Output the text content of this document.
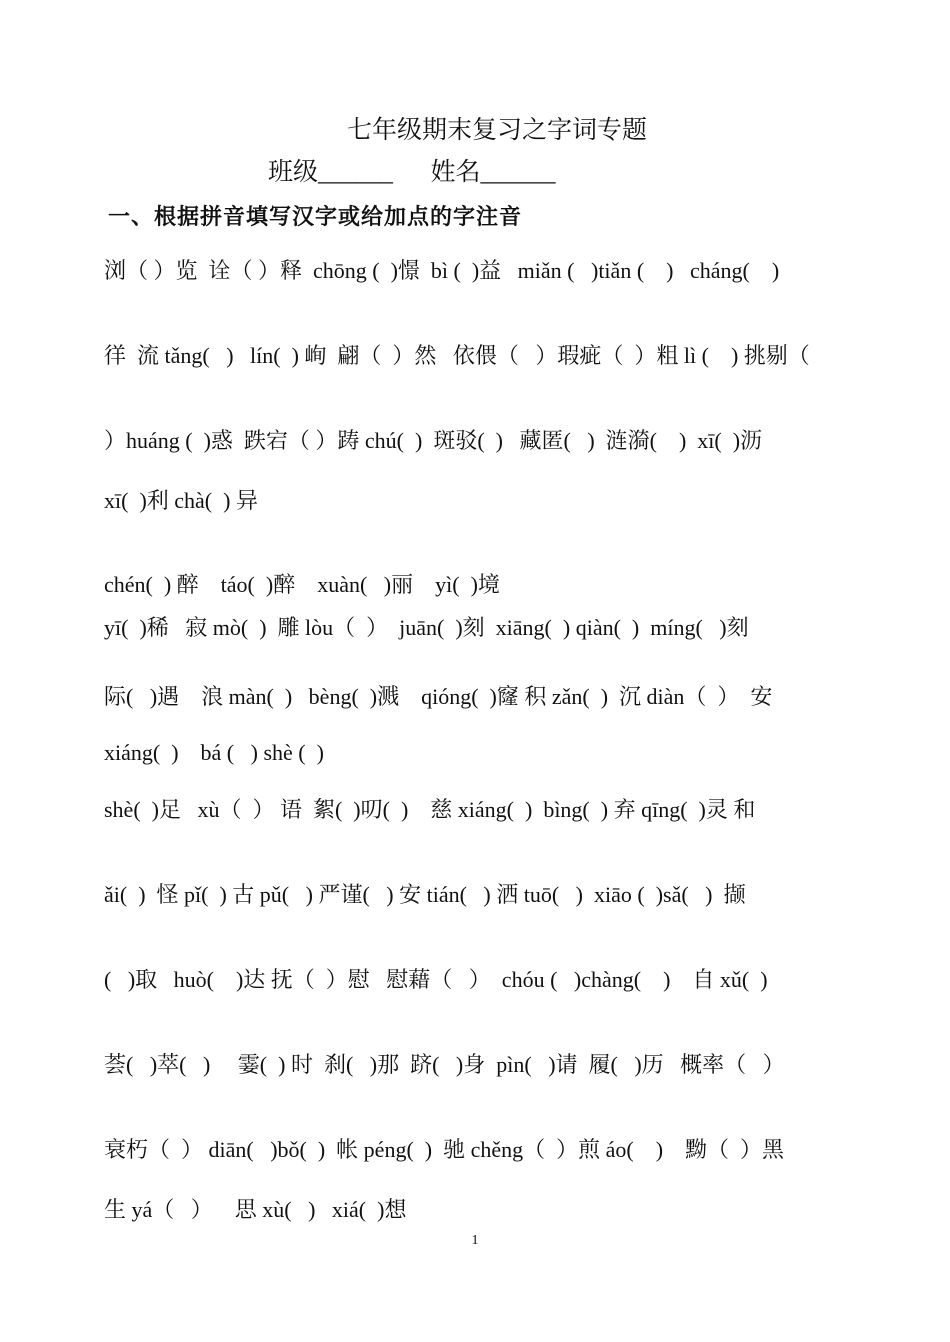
七年级期末复习之字词专题
班级______      姓名______
一、根据拼音填写汉字或给加点的字注音
浏（ ）览  诠（ ）释  chōng (  )憬  bì (  )益   miǎn (   )tiǎn (    )   cháng(    )
徉  流 tǎng(   )   lín(  ) 峋  翩（  ）然   依偎（   ）瑕疵（  ）粗 lì (    ) 挑剔（
）huáng (  )惑  跌宕（ ）踌 chú(  )  斑驳(  )   藏匿(   )  涟漪(    )  xī(  )沥
xī(  )利 chà(  ) 异
chén(  ) 醉    táo(  )醉    xuàn(   )丽    yì(  )境
yī(  )稀   寂 mò(  )  雕 lòu（  ）  juān(  )刻  xiāng(  ) qiàn(  )  míng(   )刻
际(   )遇    浪 màn(  )   bèng(  )溅    qióng(  )窿 积 zǎn(  )  沉 diàn（  ）  安
xiáng(  )    bá (   ) shè (  )
shè(  )足   xù（  ） 语  絮(  )叨(  )    慈 xiáng(  )  bìng(  ) 弃 qīng(  )灵 和
ǎi(  )  怪 pǐ(  ) 古 pǔ(   ) 严谨(   ) 安 tián(   ) 洒 tuō(   )  xiāo (  )sǎ(   )  撷
(   )取   huò(    )达 抚（  ）慰   慰藉（   ）  chóu (   )chàng(    )    自 xǔ(  )
荟(   )萃(   )     霎(  ) 时  刹(   )那  跻(   )身  pìn(   )请  履(   )历   概率（   ）
衰朽（  ） diān(   )bǒ(  )  帐 péng(  )  驰 chěng（  ）煎 áo(    )    黝（  ）黑
生 yá（   ）    思 xù(   )   xiá(  )想
1
